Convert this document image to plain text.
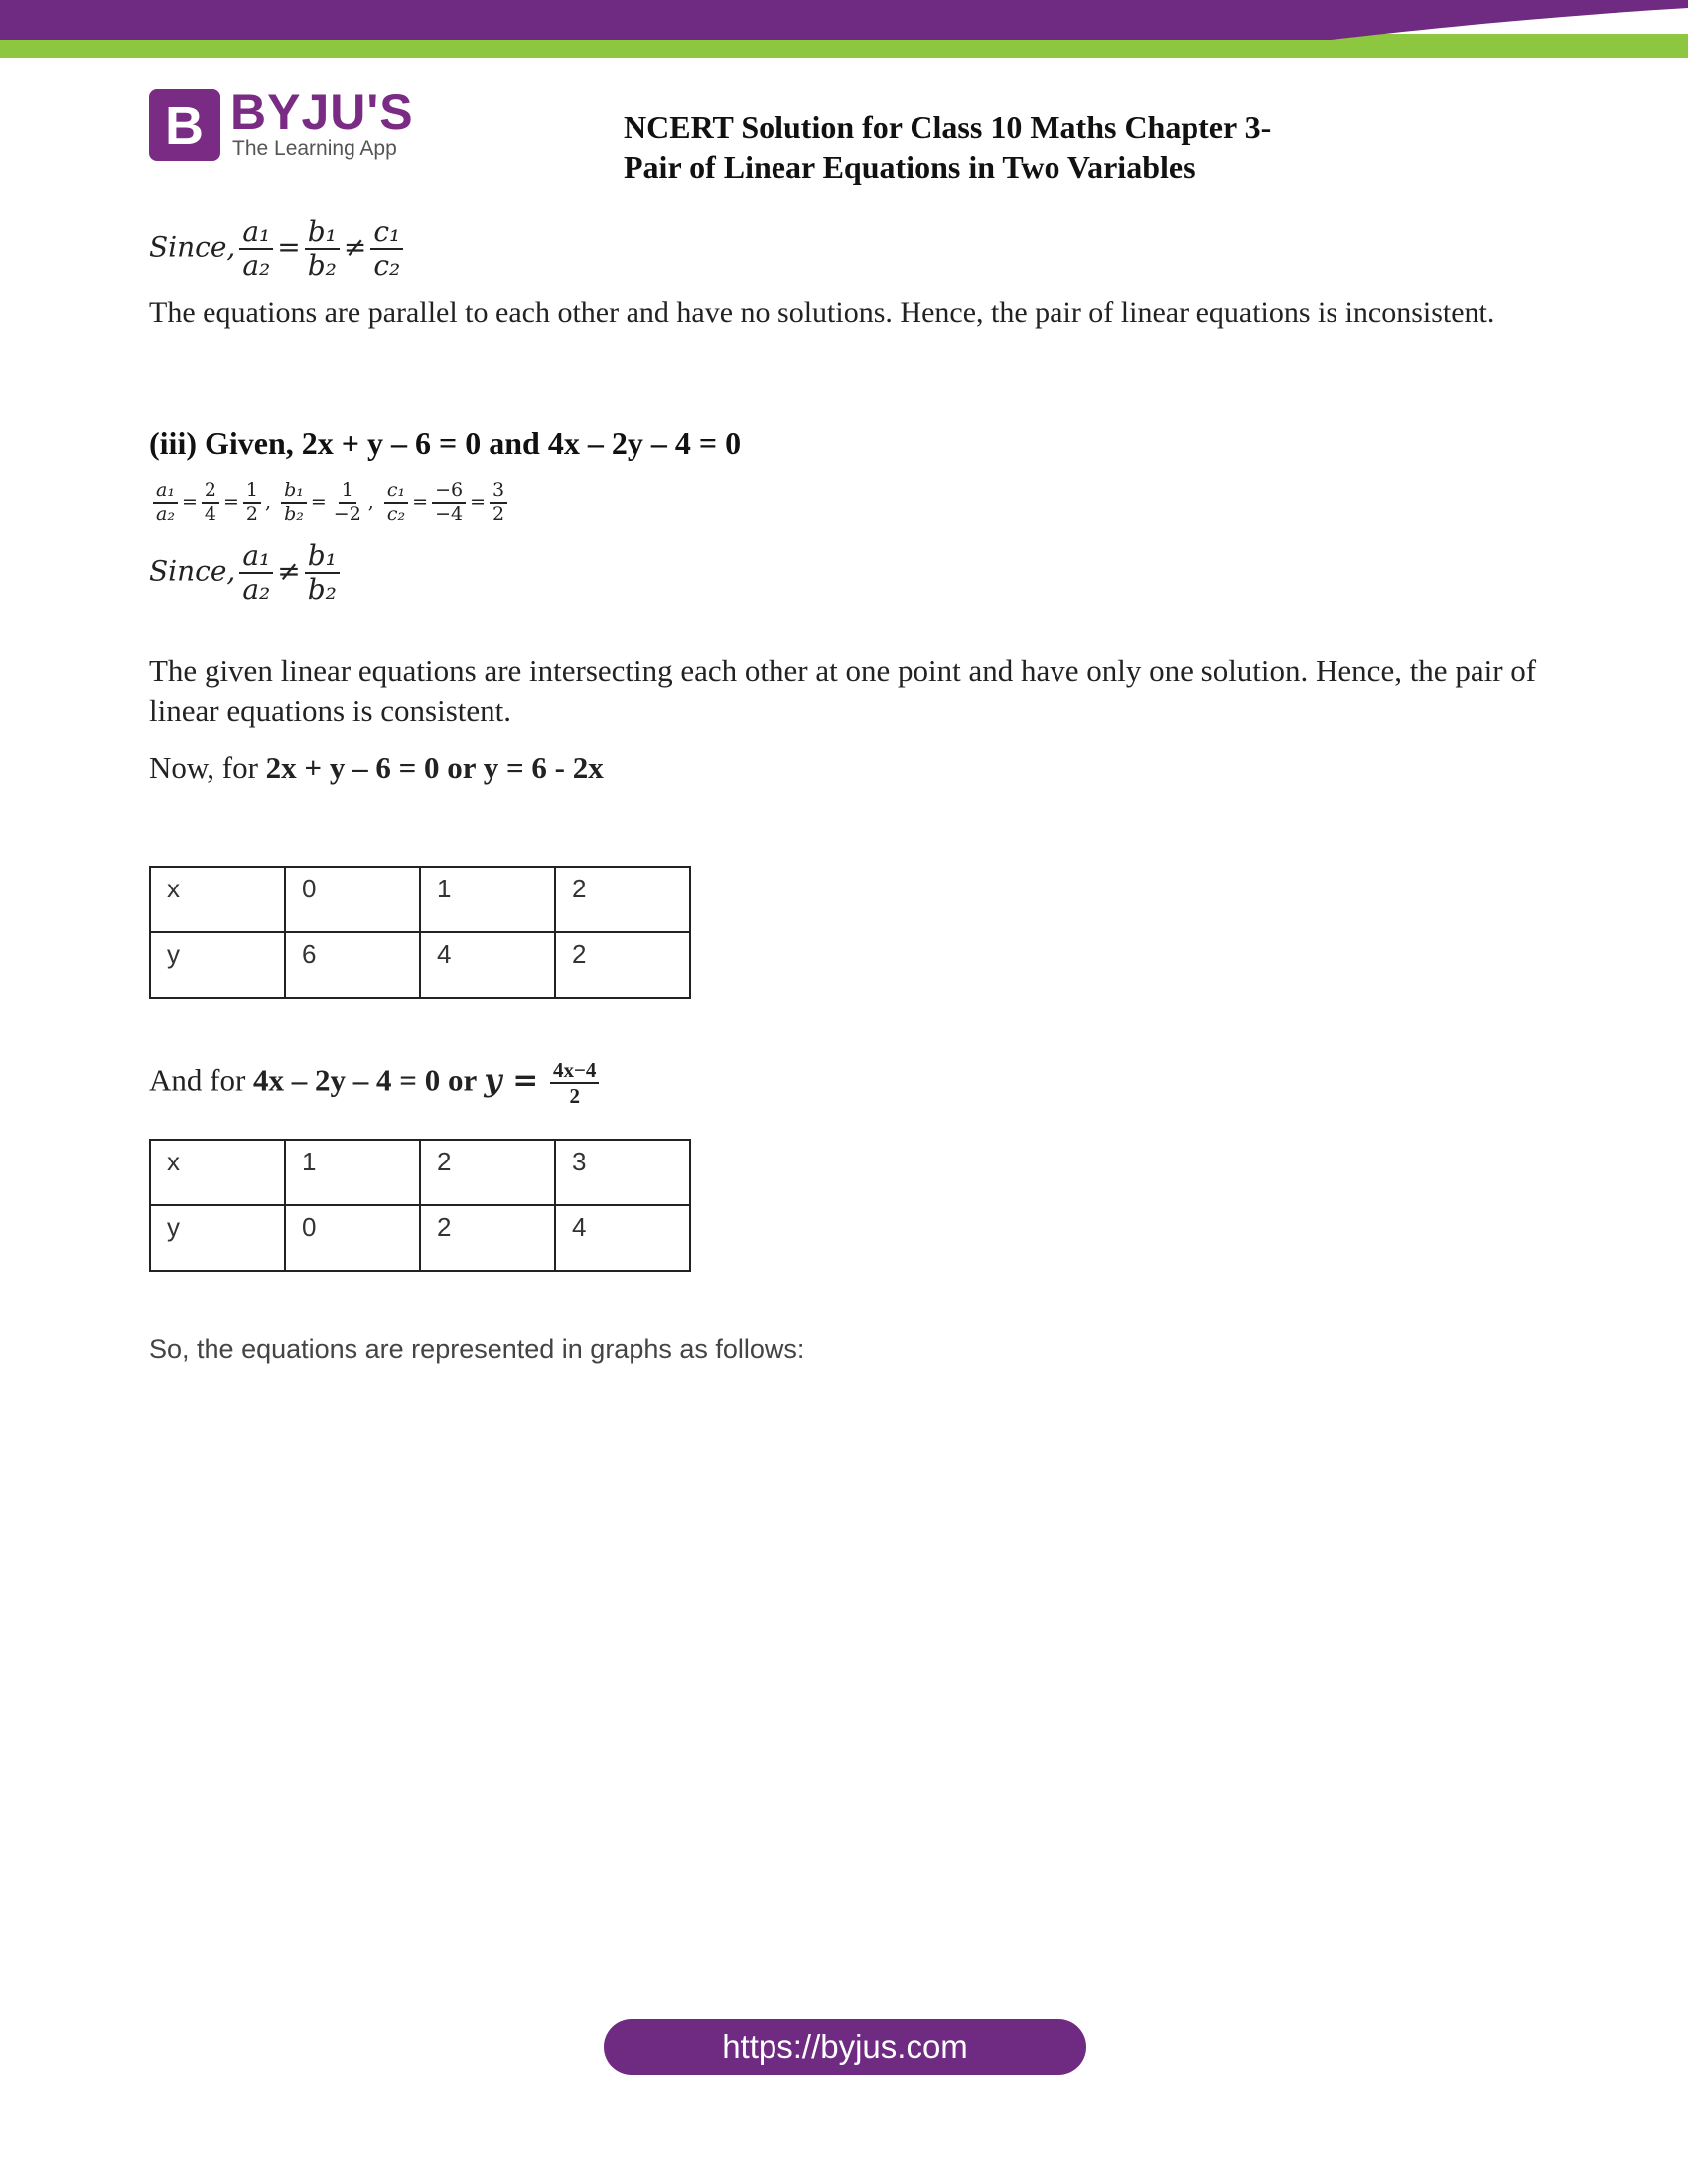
B BYJU'S
The Learning App
NCERT Solution for Class 10 Maths Chapter 3-
Pair of Linear Equations in Two Variables
Since, $\frac{\text{a₁}}{\text{a₂}} = \frac{\text{b₁}}{\text{b₂}} \ne \frac{\text{c₁}}{\text{c₂}}$
The equations are parallel to each other and have no solutions. Hence, the pair of linear equations is inconsistent.
(iii) Given, 2x + y – 6 = 0 and 4x – 2y – 4 = 0
$\frac{\text{a₁}}{\text{a₂}} = \frac{2}{4} = \frac{1}{2}$ , $\frac{\text{b₁}}{\text{b₂}} = \frac{1}{-2}$ , $\frac{\text{c₁}}{\text{c₂}} = \frac{-6}{-4} = \frac{3}{2}$
Since, $\frac{\text{a₁}}{\text{a₂}} \ne \frac{\text{b₁}}{\text{b₂}}$
The given linear equations are intersecting each other at one point and have only one solution. Hence, the pair of linear equations is consistent.
Now, for 2x + y – 6 = 0 or y = 6 - 2x
x	0	1	2
y	6	4	2
And for 4x – 2y – 4 = 0 or $y = \frac{4x-4}{2}$
x	1	2	3
y	0	2	4
So, the equations are represented in graphs as follows:
https://byjus.com
